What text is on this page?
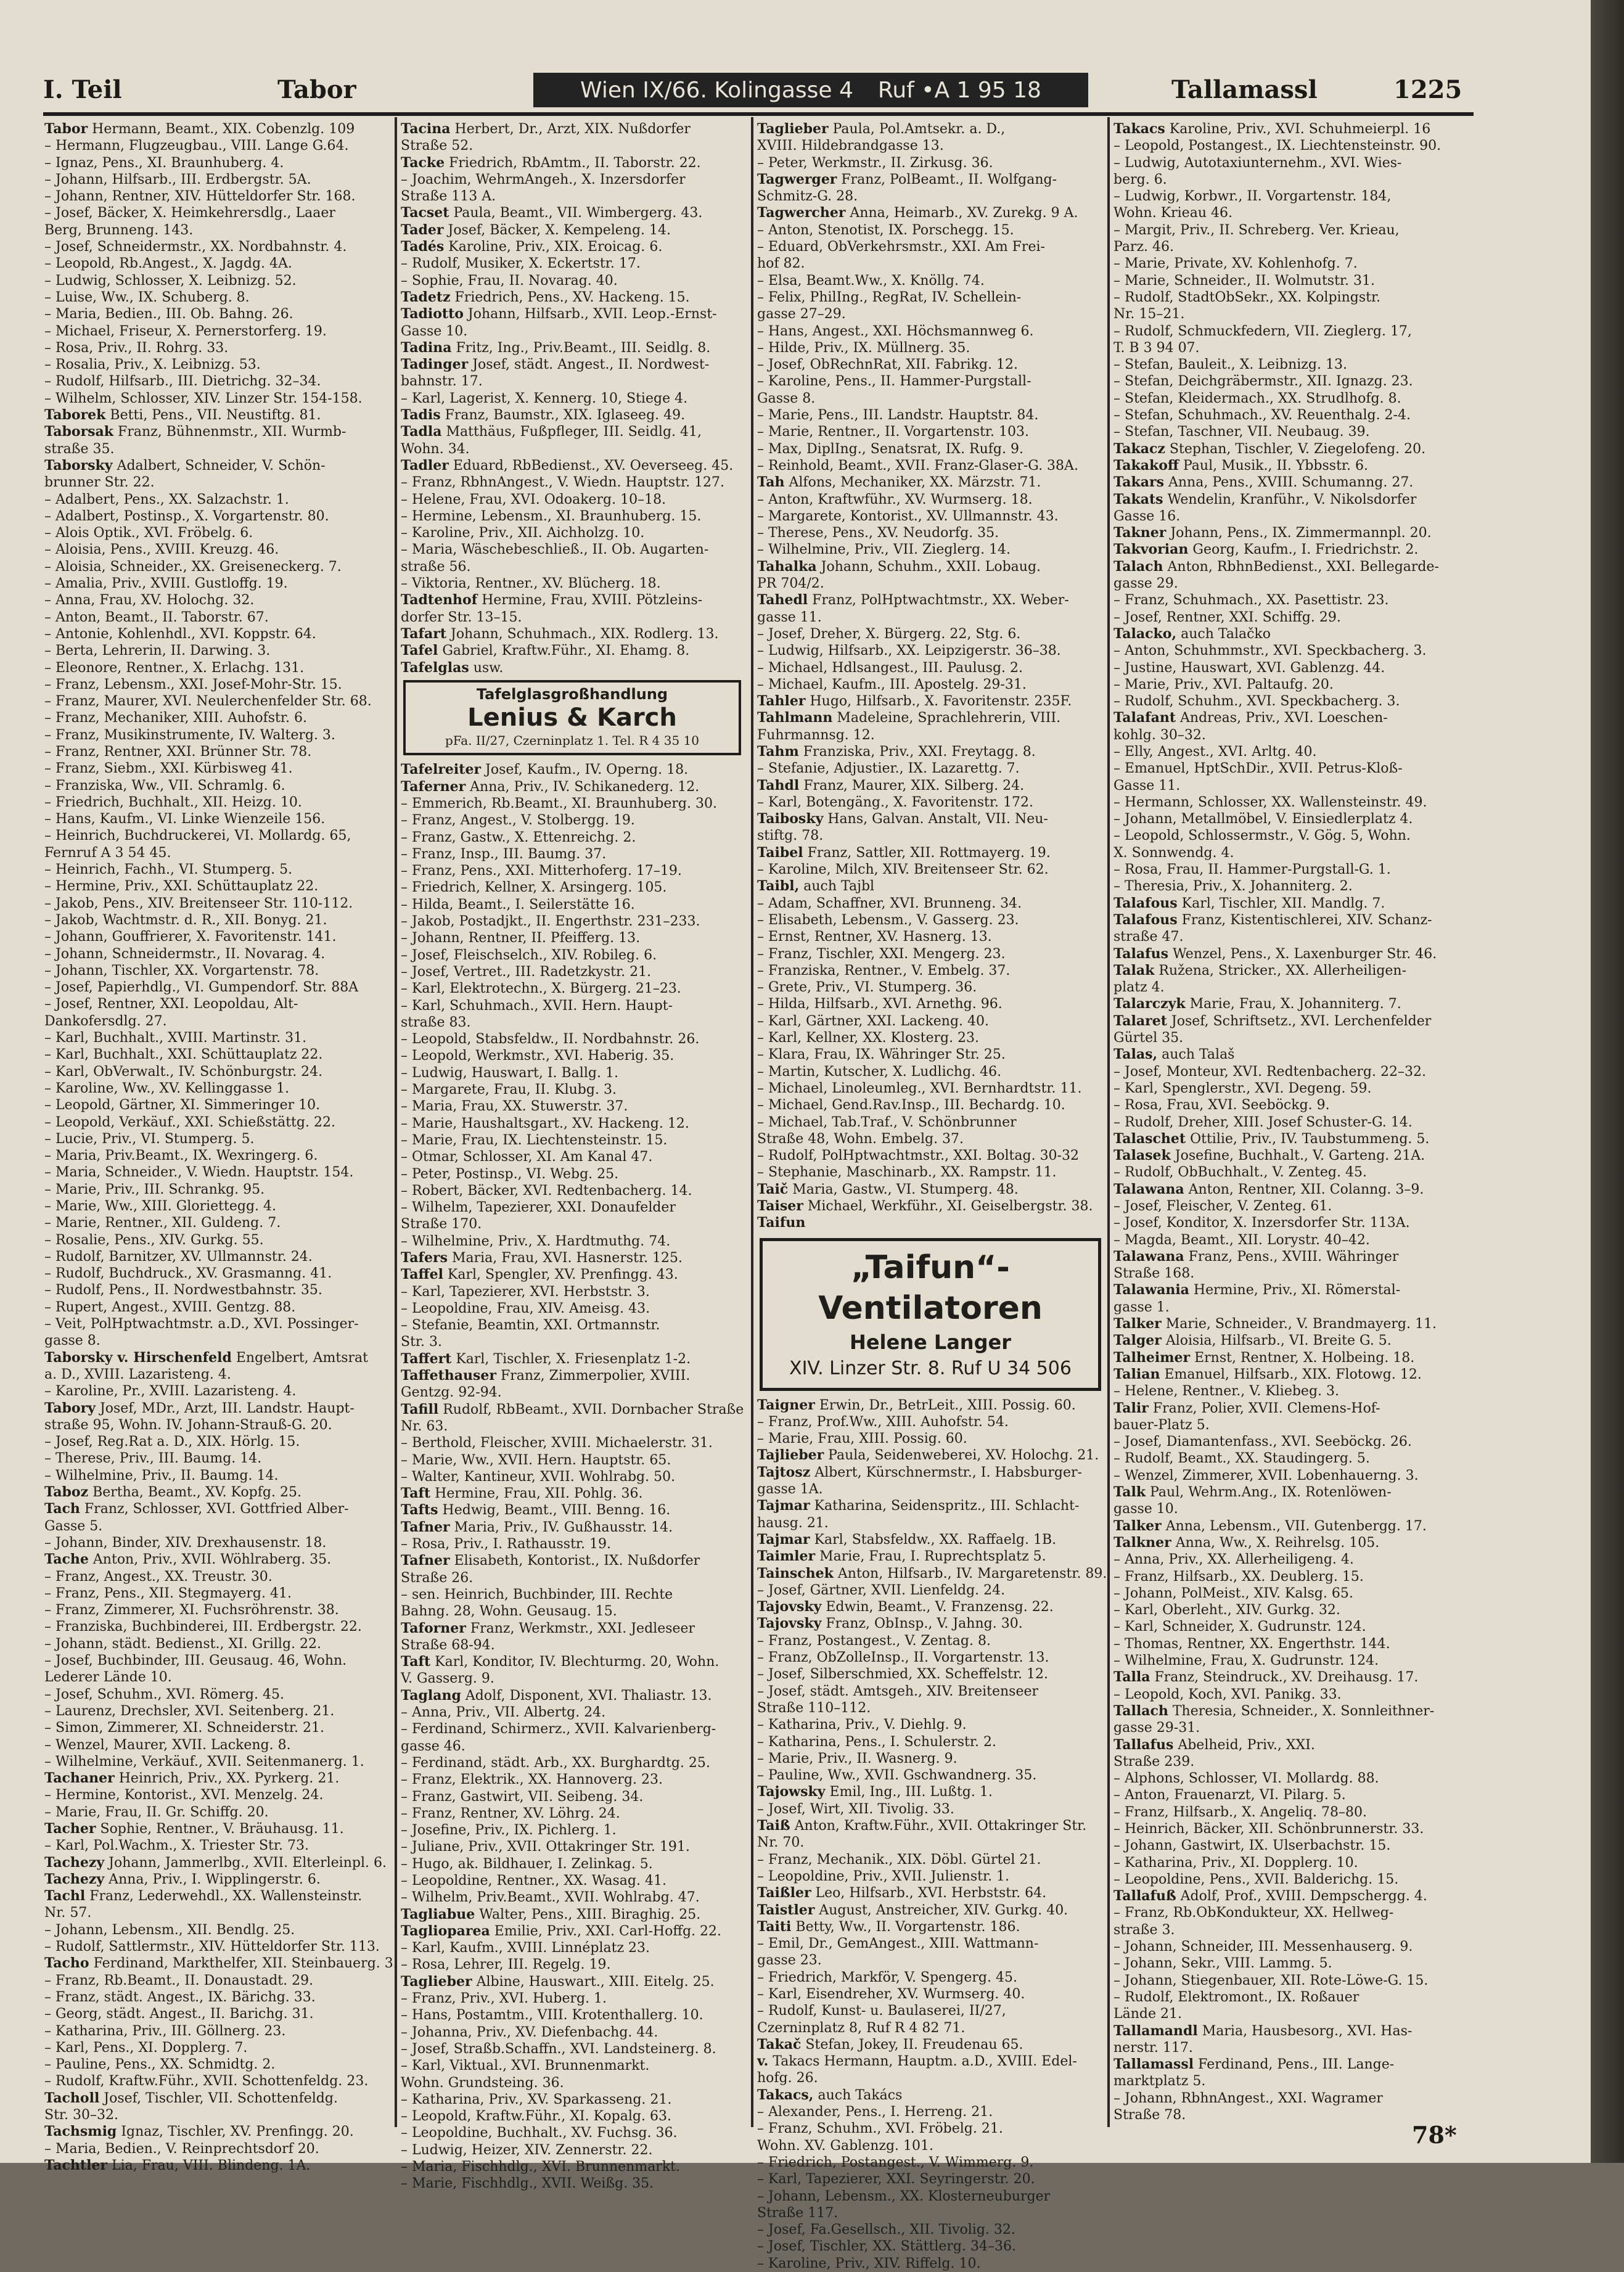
I. Teil	Tabor	Wien IX/66. Kolingasse 4 Ruf •A 1 95 18	Tallamassl	1225
Tabor Hermann, Beamt., XIX. Cobenzlg. 109
– Hermann, Flugzeugbau., VIII. Lange G.64.
– Ignaz, Pens., XI. Braunhuberg. 4.
– Johann, Hilfsarb., III. Erdbergstr. 5A.
– Johann, Rentner, XIV. Hütteldorfer Str. 168.
– Josef, Bäcker, X. Heimkehrersdlg., Laaer
Berg, Brunneng. 143.
– Josef, Schneidermstr., XX. Nordbahnstr. 4.
– Leopold, Rb.Angest., X. Jagdg. 4A.
– Ludwig, Schlosser, X. Leibnizg. 52.
– Luise, Ww., IX. Schuberg. 8.
– Maria, Bedien., III. Ob. Bahng. 26.
– Michael, Friseur, X. Pernerstorferg. 19.
– Rosa, Priv., II. Rohrg. 33.
– Rosalia, Priv., X. Leibnizg. 53.
– Rudolf, Hilfsarb., III. Dietrichg. 32–34.
– Wilhelm, Schlosser, XIV. Linzer Str. 154-158.
Taborek Betti, Pens., VII. Neustiftg. 81.
Taborsak Franz, Bühnenmstr., XII. Wurmb-
straße 35.
Taborsky Adalbert, Schneider, V. Schön-
brunner Str. 22.
– Adalbert, Pens., XX. Salzachstr. 1.
– Adalbert, Postinsp., X. Vorgartenstr. 80.
– Alois Optik., XVI. Fröbelg. 6.
– Aloisia, Pens., XVIII. Kreuzg. 46.
– Aloisia, Schneider., XX. Greiseneckerg. 7.
– Amalia, Priv., XVIII. Gustloffg. 19.
– Anna, Frau, XV. Holochg. 32.
– Anton, Beamt., II. Taborstr. 67.
– Antonie, Kohlenhdl., XVI. Koppstr. 64.
– Berta, Lehrerin, II. Darwing. 3.
– Eleonore, Rentner., X. Erlachg. 131.
– Franz, Lebensm., XXI. Josef-Mohr-Str. 15.
– Franz, Maurer, XVI. Neulerchenfelder Str. 68.
– Franz, Mechaniker, XIII. Auhofstr. 6.
– Franz, Musikinstrumente, IV. Walterg. 3.
– Franz, Rentner, XXI. Brünner Str. 78.
– Franz, Siebm., XXI. Kürbisweg 41.
– Franziska, Ww., VII. Schramlg. 6.
– Friedrich, Buchhalt., XII. Heizg. 10.
– Hans, Kaufm., VI. Linke Wienzeile 156.
– Heinrich, Buchdruckerei, VI. Mollardg. 65,
Fernruf A 3 54 45.
– Heinrich, Fachh., VI. Stumperg. 5.
– Hermine, Priv., XXI. Schüttauplatz 22.
– Jakob, Pens., XIV. Breitenseer Str. 110-112.
– Jakob, Wachtmstr. d. R., XII. Bonyg. 21.
– Johann, Gouffrierer, X. Favoritenstr. 141.
– Johann, Schneidermstr., II. Novarag. 4.
– Johann, Tischler, XX. Vorgartenstr. 78.
– Josef, Papierhdlg., VI. Gumpendorf. Str. 88A
– Josef, Rentner, XXI. Leopoldau, Alt-
Dankofersdlg. 27.
– Karl, Buchhalt., XVIII. Martinstr. 31.
– Karl, Buchhalt., XXI. Schüttauplatz 22.
– Karl, ObVerwalt., IV. Schönburgstr. 24.
– Karoline, Ww., XV. Kellinggasse 1.
– Leopold, Gärtner, XI. Simmeringer 10.
– Leopold, Verkäuf., XXI. Schießstättg. 22.
– Lucie, Priv., VI. Stumperg. 5.
– Maria, Priv.Beamt., IX. Wexringerg. 6.
– Maria, Schneider., V. Wiedn. Hauptstr. 154.
– Marie, Priv., III. Schrankg. 95.
– Marie, Ww., XIII. Gloriettegg. 4.
– Marie, Rentner., XII. Guldeng. 7.
– Rosalie, Pens., XIV. Gurkg. 55.
– Rudolf, Barnitzer, XV. Ullmannstr. 24.
– Rudolf, Buchdruck., XV. Grasmanng. 41.
– Rudolf, Pens., II. Nordwestbahnstr. 35.
– Rupert, Angest., XVIII. Gentzg. 88.
– Veit, PolHptwachtmstr. a.D., XVI. Possinger-
gasse 8.
Taborsky v. Hirschenfeld Engelbert, Amtsrat
a. D., XVIII. Lazaristeng. 4.
– Karoline, Pr., XVIII. Lazaristeng. 4.
Tabory Josef, MDr., Arzt, III. Landstr. Haupt-
straße 95, Wohn. IV. Johann-Strauß-G. 20.
– Josef, Reg.Rat a. D., XIX. Hörlg. 15.
– Therese, Priv., III. Baumg. 14.
– Wilhelmine, Priv., II. Baumg. 14.
Taboz Bertha, Beamt., XV. Kopfg. 25.
Tach Franz, Schlosser, XVI. Gottfried Alber-
Gasse 5.
– Johann, Binder, XIV. Drexhausenstr. 18.
Tache Anton, Priv., XVII. Wöhlraberg. 35.
– Franz, Angest., XX. Treustr. 30.
– Franz, Pens., XII. Stegmayerg. 41.
– Franz, Zimmerer, XI. Fuchsröhrenstr. 38.
– Franziska, Buchbinderei, III. Erdbergstr. 22.
– Johann, städt. Bedienst., XI. Grillg. 22.
– Josef, Buchbinder, III. Geusaug. 46, Wohn.
Lederer Lände 10.
– Josef, Schuhm., XVI. Römerg. 45.
– Laurenz, Drechsler, XVI. Seitenberg. 21.
– Simon, Zimmerer, XI. Schneiderstr. 21.
– Wenzel, Maurer, XVII. Lackeng. 8.
– Wilhelmine, Verkäuf., XVII. Seitenmanerg. 1.
Tachaner Heinrich, Priv., XX. Pyrkerg. 21.
– Hermine, Kontorist., XVI. Menzelg. 24.
– Marie, Frau, II. Gr. Schiffg. 20.
Tacher Sophie, Rentner., V. Bräuhausg. 11.
– Karl, Pol.Wachm., X. Triester Str. 73.
Tachezy Johann, Jammerlbg., XVII. Elterleinpl. 6.
Tachezy Anna, Priv., I. Wipplingerstr. 6.
Tachl Franz, Lederwehdl., XX. Wallensteinstr.
Nr. 57.
– Johann, Lebensm., XII. Bendlg. 25.
– Rudolf, Sattlermstr., XIV. Hütteldorfer Str. 113.
Tacho Ferdinand, Markthelfer, XII. Steinbauerg. 3.
– Franz, Rb.Beamt., II. Donaustadt. 29.
– Franz, städt. Angest., IX. Bärichg. 33.
– Georg, städt. Angest., II. Barichg. 31.
– Katharina, Priv., III. Göllnerg. 23.
– Karl, Pens., XI. Dopplerg. 7.
– Pauline, Pens., XX. Schmidtg. 2.
– Rudolf, Kraftw.Führ., XVII. Schottenfeldg. 23.
Tacholl Josef, Tischler, VII. Schottenfeldg.
Str. 30–32.
Tachsmig Ignaz, Tischler, XV. Prenfingg. 20.
– Maria, Bedien., V. Reinprechtsdorf 20.
Tachtler Lia, Frau, VIII. Blindeng. 1A.
Tacina Herbert, Dr., Arzt, XIX. Nußdorfer
Straße 52.
Tacke Friedrich, RbAmtm., II. Taborstr. 22.
– Joachim, WehrmAngeh., X. Inzersdorfer
Straße 113 A.
Tacset Paula, Beamt., VII. Wimbergerg. 43.
Tader Josef, Bäcker, X. Kempeleng. 14.
Tadés Karoline, Priv., XIX. Eroicag. 6.
– Rudolf, Musiker, X. Eckertstr. 17.
– Sophie, Frau, II. Novarag. 40.
Tadetz Friedrich, Pens., XV. Hackeng. 15.
Tadiotto Johann, Hilfsarb., XVII. Leop.-Ernst-
Gasse 10.
Tadina Fritz, Ing., Priv.Beamt., III. Seidlg. 8.
Tadinger Josef, städt. Angest., II. Nordwest-
bahnstr. 17.
– Karl, Lagerist, X. Kennerg. 10, Stiege 4.
Tadis Franz, Baumstr., XIX. Iglaseeg. 49.
Tadla Matthäus, Fußpfleger, III. Seidlg. 41,
Wohn. 34.
Tadler Eduard, RbBedienst., XV. Oeverseeg. 45.
– Franz, RbhnAngest., V. Wiedn. Hauptstr. 127.
– Helene, Frau, XVI. Odoakerg. 10–18.
– Hermine, Lebensm., XI. Braunhuberg. 15.
– Karoline, Priv., XII. Aichholzg. 10.
– Maria, Wäschebeschließ., II. Ob. Augarten-
straße 56.
– Viktoria, Rentner., XV. Blücherg. 18.
Tadtenhof Hermine, Frau, XVIII. Pötzleins-
dorfer Str. 13–15.
Tafart Johann, Schuhmach., XIX. Rodlerg. 13.
Tafel Gabriel, Kraftw.Führ., XI. Ehamg. 8.
Tafelglas usw.
Tafelglasgroßhandlung
Lenius & Karch
pFa. II/27, Czerninplatz 1. Tel. R 4 35 10
Tafelreiter Josef, Kaufm., IV. Operng. 18.
Taferner Anna, Priv., IV. Schikanederg. 12.
– Emmerich, Rb.Beamt., XI. Braunhuberg. 30.
– Franz, Angest., V. Stolbergg. 19.
– Franz, Gastw., X. Ettenreichg. 2.
– Franz, Insp., III. Baumg. 37.
– Franz, Pens., XXI. Mitterhoferg. 17–19.
– Friedrich, Kellner, X. Arsingerg. 105.
– Hilda, Beamt., I. Seilerstätte 16.
– Jakob, Postadjkt., II. Engerthstr. 231–233.
– Johann, Rentner, II. Pfeifferg. 13.
– Josef, Fleischselch., XIV. Robileg. 6.
– Josef, Vertret., III. Radetzkystr. 21.
– Karl, Elektrotechn., X. Bürgerg. 21–23.
– Karl, Schuhmach., XVII. Hern. Haupt-
straße 83.
– Leopold, Stabsfeldw., II. Nordbahnstr. 26.
– Leopold, Werkmstr., XVI. Haberig. 35.
– Ludwig, Hauswart, I. Ballg. 1.
– Margarete, Frau, II. Klubg. 3.
– Maria, Frau, XX. Stuwerstr. 37.
– Marie, Haushaltsgart., XV. Hackeng. 12.
– Marie, Frau, IX. Liechtensteinstr. 15.
– Otmar, Schlosser, XI. Am Kanal 47.
– Peter, Postinsp., VI. Webg. 25.
– Robert, Bäcker, XVI. Redtenbacherg. 14.
– Wilhelm, Tapezierer, XXI. Donaufelder
Straße 170.
– Wilhelmine, Priv., X. Hardtmuthg. 74.
Tafers Maria, Frau, XVI. Hasnerstr. 125.
Taffel Karl, Spengler, XV. Prenfingg. 43.
– Karl, Tapezierer, XVI. Herbststr. 3.
– Leopoldine, Frau, XIV. Ameisg. 43.
– Stefanie, Beamtin, XXI. Ortmannstr.
Str. 3.
Taffert Karl, Tischler, X. Friesenplatz 1-2.
Taffethauser Franz, Zimmerpolier, XVIII.
Gentzg. 92-94.
Tafill Rudolf, RbBeamt., XVII. Dornbacher Straße
Nr. 63.
– Berthold, Fleischer, XVIII. Michaelerstr. 31.
– Marie, Ww., XVII. Hern. Hauptstr. 65.
– Walter, Kantineur, XVII. Wohlrabg. 50.
Taft Hermine, Frau, XII. Pohlg. 36.
Tafts Hedwig, Beamt., VIII. Benng. 16.
Tafner Maria, Priv., IV. Gußhausstr. 14.
– Rosa, Priv., I. Rathausstr. 19.
Tafner Elisabeth, Kontorist., IX. Nußdorfer
Straße 26.
– sen. Heinrich, Buchbinder, III. Rechte
Bahng. 28, Wohn. Geusaug. 15.
Taforner Franz, Werkmstr., XXI. Jedleseer
Straße 68-94.
Taft Karl, Konditor, IV. Blechturmg. 20, Wohn.
V. Gasserg. 9.
Taglang Adolf, Disponent, XVI. Thaliastr. 13.
– Anna, Priv., VII. Albertg. 24.
– Ferdinand, Schirmerz., XVII. Kalvarienberg-
gasse 46.
– Ferdinand, städt. Arb., XX. Burghardtg. 25.
– Franz, Elektrik., XX. Hannoverg. 23.
– Franz, Gastwirt, VII. Seibeng. 34.
– Franz, Rentner, XV. Löhrg. 24.
– Josefine, Priv., IX. Pichlerg. 1.
– Juliane, Priv., XVII. Ottakringer Str. 191.
– Hugo, ak. Bildhauer, I. Zelinkag. 5.
– Leopoldine, Rentner., XX. Wasag. 41.
– Wilhelm, Priv.Beamt., XVII. Wohlrabg. 47.
Tagliabue Walter, Pens., XIII. Biraghig. 25.
Taglioparea Emilie, Priv., XXI. Carl-Hoffg. 22.
– Karl, Kaufm., XVIII. Linnéplatz 23.
– Rosa, Lehrer, III. Regelg. 19.
Taglieber Albine, Hauswart., XIII. Eitelg. 25.
– Franz, Priv., XVI. Huberg. 1.
– Hans, Postamtm., VIII. Krotenthallerg. 10.
– Johanna, Priv., XV. Diefenbachg. 44.
– Josef, Straßb.Schaffn., XVI. Landsteinerg. 8.
– Karl, Viktual., XVI. Brunnenmarkt.
Wohn. Grundsteing. 36.
– Katharina, Priv., XV. Sparkasseng. 21.
– Leopold, Kraftw.Führ., XI. Kopalg. 63.
– Leopoldine, Buchhalt., XV. Fuchsg. 36.
– Ludwig, Heizer, XIV. Zennerstr. 22.
– Maria, Fischhdlg., XVI. Brunnenmarkt.
– Marie, Fischhdlg., XVII. Weißg. 35.
Taglieber Paula, Pol.Amtsekr. a. D.,
XVIII. Hildebrandgasse 13.
– Peter, Werkmstr., II. Zirkusg. 36.
Tagwerger Franz, PolBeamt., II. Wolfgang-
Schmitz-G. 28.
Tagwercher Anna, Heimarb., XV. Zurekg. 9 A.
– Anton, Stenotist, IX. Porschegg. 15.
– Eduard, ObVerkehrsmstr., XXI. Am Frei-
hof 82.
– Elsa, Beamt.Ww., X. Knöllg. 74.
– Felix, PhilIng., RegRat, IV. Schellein-
gasse 27–29.
– Hans, Angest., XXI. Höchsmannweg 6.
– Hilde, Priv., IX. Müllnerg. 35.
– Josef, ObRechnRat, XII. Fabrikg. 12.
– Karoline, Pens., II. Hammer-Purgstall-
Gasse 8.
– Marie, Pens., III. Landstr. Hauptstr. 84.
– Marie, Rentner., II. Vorgartenstr. 103.
– Max, DiplIng., Senatsrat, IX. Rufg. 9.
– Reinhold, Beamt., XVII. Franz-Glaser-G. 38A.
Tah Alfons, Mechaniker, XX. Märzstr. 71.
– Anton, Kraftwführ., XV. Wurmserg. 18.
– Margarete, Kontorist., XV. Ullmannstr. 43.
– Therese, Pens., XV. Neudorfg. 35.
– Wilhelmine, Priv., VII. Zieglerg. 14.
Tahalka Johann, Schuhm., XXII. Lobaug.
PR 704/2.
Tahedl Franz, PolHptwachtmstr., XX. Weber-
gasse 11.
– Josef, Dreher, X. Bürgerg. 22, Stg. 6.
– Ludwig, Hilfsarb., XX. Leipzigerstr. 36–38.
– Michael, Hdlsangest., III. Paulusg. 2.
– Michael, Kaufm., III. Apostelg. 29-31.
Tahler Hugo, Hilfsarb., X. Favoritenstr. 235F.
Tahlmann Madeleine, Sprachlehrerin, VIII.
Fuhrmannsg. 12.
Tahm Franziska, Priv., XXI. Freytagg. 8.
– Stefanie, Adjustier., IX. Lazarettg. 7.
Tahdl Franz, Maurer, XIX. Silberg. 24.
– Karl, Botengäng., X. Favoritenstr. 172.
Taibosky Hans, Galvan. Anstalt, VII. Neu-
stiftg. 78.
Taibel Franz, Sattler, XII. Rottmayerg. 19.
– Karoline, Milch, XIV. Breitenseer Str. 62.
Taibl, auch Tajbl
– Adam, Schaffner, XVI. Brunneng. 34.
– Elisabeth, Lebensm., V. Gasserg. 23.
– Ernst, Rentner, XV. Hasnerg. 13.
– Franz, Tischler, XXI. Mengerg. 23.
– Franziska, Rentner., V. Embelg. 37.
– Grete, Priv., VI. Stumperg. 36.
– Hilda, Hilfsarb., XVI. Arnethg. 96.
– Karl, Gärtner, XXI. Lackeng. 40.
– Karl, Kellner, XX. Klosterg. 23.
– Klara, Frau, IX. Währinger Str. 25.
– Martin, Kutscher, X. Ludlichg. 46.
– Michael, Linoleumleg., XVI. Bernhardtstr. 11.
– Michael, Gend.Rav.Insp., III. Bechardg. 10.
– Michael, Tab.Traf., V. Schönbrunner
Straße 48, Wohn. Embelg. 37.
– Rudolf, PolHptwachtmstr., XXI. Boltag. 30-32
– Stephanie, Maschinarb., XX. Rampstr. 11.
Taič Maria, Gastw., VI. Stumperg. 48.
Taiser Michael, Werkführ., XI. Geiselbergstr. 38.
Taifun
„Taifun“-Ventilatoren
Helene Langer
XIV. Linzer Str. 8. Ruf U 34 506
Taigner Erwin, Dr., BetrLeit., XIII. Possig. 60.
– Franz, Prof.Ww., XIII. Auhofstr. 54.
– Marie, Frau, XIII. Possig. 60.
Tajlieber Paula, Seidenweberei, XV. Holochg. 21.
Tajtosz Albert, Kürschnermstr., I. Habsburger-
gasse 1A.
Tajmar Katharina, Seidenspritz., III. Schlacht-
hausg. 21.
Tajmar Karl, Stabsfeldw., XX. Raffaelg. 1B.
Taimler Marie, Frau, I. Ruprechtsplatz 5.
Tainschek Anton, Hilfsarb., IV. Margaretenstr. 89.
– Josef, Gärtner, XVII. Lienfeldg. 24.
Tajovsky Edwin, Beamt., V. Franzensg. 22.
Tajovsky Franz, ObInsp., V. Jahng. 30.
– Franz, Postangest., V. Zentag. 8.
– Franz, ObZolleInsp., II. Vorgartenstr. 13.
– Josef, Silberschmied, XX. Scheffelstr. 12.
– Josef, städt. Amtsgeh., XIV. Breitenseer
Straße 110–112.
– Katharina, Priv., V. Diehlg. 9.
– Katharina, Pens., I. Schulerstr. 2.
– Marie, Priv., II. Wasnerg. 9.
– Pauline, Ww., XVII. Gschwandnerg. 35.
Tajowsky Emil, Ing., III. Lußtg. 1.
– Josef, Wirt, XII. Tivolig. 33.
Taiß Anton, Kraftw.Führ., XVII. Ottakringer Str.
Nr. 70.
– Franz, Mechanik., XIX. Döbl. Gürtel 21.
– Leopoldine, Priv., XVII. Julienstr. 1.
Taißler Leo, Hilfsarb., XVI. Herbststr. 64.
Taistler August, Anstreicher, XIV. Gurkg. 40.
Taiti Betty, Ww., II. Vorgartenstr. 186.
– Emil, Dr., GemAngest., XIII. Wattmann-
gasse 23.
– Friedrich, Markför, V. Spengerg. 45.
– Karl, Eisendreher, XV. Wurmserg. 40.
– Rudolf, Kunst- u. Baulaserei, II/27,
Czerninplatz 8, Ruf R 4 82 71.
Takač Stefan, Jokey, II. Freudenau 65.
v. Takacs Hermann, Hauptm. a.D., XVIII. Edel-
hofg. 26.
Takacs, auch Takács
– Alexander, Pens., I. Herreng. 21.
– Franz, Schuhm., XVI. Fröbelg. 21.
Wohn. XV. Gablenzg. 101.
– Friedrich, Postangest., V. Wimmerg. 9.
– Karl, Tapezierer, XXI. Seyringerstr. 20.
– Johann, Lebensm., XX. Klosterneuburger
Straße 117.
– Josef, Fa.Gesellsch., XII. Tivolig. 32.
– Josef, Tischler, XX. Stättlerg. 34–36.
– Karoline, Priv., XIV. Riffelg. 10.
Takacs Karoline, Priv., XVI. Schuhmeierpl. 16
– Leopold, Postangest., IX. Liechtensteinstr. 90.
– Ludwig, Autotaxiunternehm., XVI. Wies-
berg. 6.
– Ludwig, Korbwr., II. Vorgartenstr. 184,
Wohn. Krieau 46.
– Margit, Priv., II. Schreberg. Ver. Krieau,
Parz. 46.
– Marie, Private, XV. Kohlenhofg. 7.
– Marie, Schneider., II. Wolmutstr. 31.
– Rudolf, StadtObSekr., XX. Kolpingstr.
Nr. 15–21.
– Rudolf, Schmuckfedern, VII. Zieglerg. 17,
T. B 3 94 07.
– Stefan, Bauleit., X. Leibnizg. 13.
– Stefan, Deichgräbermstr., XII. Ignazg. 23.
– Stefan, Kleidermach., XX. Strudlhofg. 8.
– Stefan, Schuhmach., XV. Reuenthalg. 2-4.
– Stefan, Taschner, VII. Neubaug. 39.
Takacz Stephan, Tischler, V. Ziegelofeng. 20.
Takakoff Paul, Musik., II. Ybbsstr. 6.
Takars Anna, Pens., XVIII. Schumanng. 27.
Takats Wendelin, Kranführ., V. Nikolsdorfer
Gasse 16.
Takner Johann, Pens., IX. Zimmermannpl. 20.
Takvorian Georg, Kaufm., I. Friedrichstr. 2.
Talach Anton, RbhnBedienst., XXI. Bellegarde-
gasse 29.
– Franz, Schuhmach., XX. Pasettistr. 23.
– Josef, Rentner, XXI. Schiffg. 29.
Talacko, auch Talačko
– Anton, Schuhmmstr., XVI. Speckbacherg. 3.
– Justine, Hauswart, XVI. Gablenzg. 44.
– Marie, Priv., XVI. Paltaufg. 20.
– Rudolf, Schuhm., XVI. Speckbacherg. 3.
Talafant Andreas, Priv., XVI. Loeschen-
kohlg. 30–32.
– Elly, Angest., XVI. Arltg. 40.
– Emanuel, HptSchDir., XVII. Petrus-Kloß-
Gasse 11.
– Hermann, Schlosser, XX. Wallensteinstr. 49.
– Johann, Metallmöbel, V. Einsiedlerplatz 4.
– Leopold, Schlossermstr., V. Gög. 5, Wohn.
X. Sonnwendg. 4.
– Rosa, Frau, II. Hammer-Purgstall-G. 1.
– Theresia, Priv., X. Johanniterg. 2.
Talafous Karl, Tischler, XII. Mandlg. 7.
Talafous Franz, Kistentischlerei, XIV. Schanz-
straße 47.
Talafus Wenzel, Pens., X. Laxenburger Str. 46.
Talak Ružena, Stricker., XX. Allerheiligen-
platz 4.
Talarczyk Marie, Frau, X. Johanniterg. 7.
Talaret Josef, Schriftsetz., XVI. Lerchenfelder
Gürtel 35.
Talas, auch Talaš
– Josef, Monteur, XVI. Redtenbacherg. 22–32.
– Karl, Spenglerstr., XVI. Degeng. 59.
– Rosa, Frau, XVI. Seeböckg. 9.
– Rudolf, Dreher, XIII. Josef Schuster-G. 14.
Talaschet Ottilie, Priv., IV. Taubstummeng. 5.
Talasek Josefine, Buchhalt., V. Garteng. 21A.
– Rudolf, ObBuchhalt., V. Zenteg. 45.
Talawana Anton, Rentner, XII. Colanng. 3–9.
– Josef, Fleischer, V. Zenteg. 61.
– Josef, Konditor, X. Inzersdorfer Str. 113A.
– Magda, Beamt., XII. Lorystr. 40–42.
Talawana Franz, Pens., XVIII. Währinger
Straße 168.
Talawania Hermine, Priv., XI. Römerstal-
gasse 1.
Talker Marie, Schneider., V. Brandmayerg. 11.
Talger Aloisia, Hilfsarb., VI. Breite G. 5.
Talheimer Ernst, Rentner, X. Holbeing. 18.
Talian Emanuel, Hilfsarb., XIX. Flotowg. 12.
– Helene, Rentner., V. Kliebeg. 3.
Talir Franz, Polier, XVII. Clemens-Hof-
bauer-Platz 5.
– Josef, Diamantenfass., XVI. Seeböckg. 26.
– Rudolf, Beamt., XX. Staudingerg. 5.
– Wenzel, Zimmerer, XVII. Lobenhauerng. 3.
Talk Paul, Wehrm.Ang., IX. Rotenlöwen-
gasse 10.
Talker Anna, Lebensm., VII. Gutenbergg. 17.
Talkner Anna, Ww., X. Reihrelsg. 105.
– Anna, Priv., XX. Allerheiligeng. 4.
– Franz, Hilfsarb., XX. Deublerg. 15.
– Johann, PolMeist., XIV. Kalsg. 65.
– Karl, Oberleht., XIV. Gurkg. 32.
– Karl, Schneider, X. Gudrunstr. 124.
– Thomas, Rentner, XX. Engerthstr. 144.
– Wilhelmine, Frau, X. Gudrunstr. 124.
Talla Franz, Steindruck., XV. Dreihausg. 17.
– Leopold, Koch, XVI. Panikg. 33.
Tallach Theresia, Schneider., X. Sonnleithner-
gasse 29-31.
Tallafus Abelheid, Priv., XXI.
Straße 239.
– Alphons, Schlosser, VI. Mollardg. 88.
– Anton, Frauenarzt, VI. Pilarg. 5.
– Franz, Hilfsarb., X. Angeliq. 78–80.
– Heinrich, Bäcker, XII. Schönbrunnerstr. 33.
– Johann, Gastwirt, IX. Ulserbachstr. 15.
– Katharina, Priv., XI. Dopplerg. 10.
– Leopoldine, Pens., XVII. Balderichg. 15.
Tallafuß Adolf, Prof., XVIII. Dempschergg. 4.
– Franz, Rb.ObKondukteur, XX. Hellweg-
straße 3.
– Johann, Schneider, III. Messenhauserg. 9.
– Johann, Sekr., VIII. Lammg. 5.
– Johann, Stiegenbauer, XII. Rote-Löwe-G. 15.
– Rudolf, Elektromont., IX. Roßauer
Lände 21.
Tallamandl Maria, Hausbesorg., XVI. Has-
nerstr. 117.
Tallamassl Ferdinand, Pens., III. Lange-
marktplatz 5.
– Johann, RbhnAngest., XXI. Wagramer
Straße 78.
78*
